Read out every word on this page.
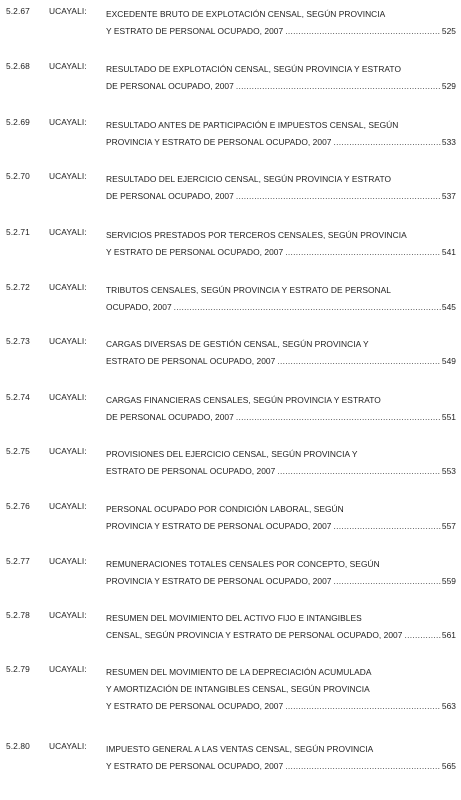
5.2.67 UCAYALI: EXCEDENTE BRUTO DE EXPLOTACIÓN CENSAL, SEGÚN PROVINCIA
Y ESTRATO DE PERSONAL OCUPADO, 2007 .....	525
5.2.68 UCAYALI: RESULTADO DE EXPLOTACIÓN CENSAL, SEGÚN PROVINCIA Y ESTRATO
DE PERSONAL OCUPADO, 2007 .....	529
5.2.69 UCAYALI: RESULTADO ANTES DE PARTICIPACIÓN E IMPUESTOS CENSAL, SEGÚN
PROVINCIA Y ESTRATO DE PERSONAL OCUPADO, 2007 .....	533
5.2.70 UCAYALI: RESULTADO DEL EJERCICIO CENSAL, SEGÚN PROVINCIA Y ESTRATO
DE PERSONAL OCUPADO, 2007 .....	537
5.2.71 UCAYALI: SERVICIOS PRESTADOS POR TERCEROS CENSALES, SEGÚN PROVINCIA
Y ESTRATO DE PERSONAL OCUPADO, 2007 .....	541
5.2.72 UCAYALI: TRIBUTOS CENSALES, SEGÚN PROVINCIA Y ESTRATO DE PERSONAL
OCUPADO, 2007 .....	545
5.2.73 UCAYALI: CARGAS DIVERSAS DE GESTIÓN CENSAL, SEGÚN PROVINCIA Y
ESTRATO DE PERSONAL OCUPADO, 2007 .....	549
5.2.74 UCAYALI: CARGAS FINANCIERAS CENSALES, SEGÚN PROVINCIA Y ESTRATO
DE PERSONAL OCUPADO, 2007 .....	551
5.2.75 UCAYALI: PROVISIONES DEL EJERCICIO CENSAL, SEGÚN PROVINCIA Y
ESTRATO DE PERSONAL OCUPADO, 2007 .....	553
5.2.76 UCAYALI: PERSONAL OCUPADO POR CONDICIÓN LABORAL, SEGÚN
PROVINCIA Y ESTRATO DE PERSONAL OCUPADO, 2007 .....	557
5.2.77 UCAYALI: REMUNERACIONES TOTALES CENSALES POR CONCEPTO, SEGÚN
PROVINCIA Y ESTRATO DE PERSONAL OCUPADO, 2007 .....	559
5.2.78 UCAYALI: RESUMEN DEL MOVIMIENTO DEL ACTIVO FIJO E INTANGIBLES
CENSAL, SEGÚN PROVINCIA Y ESTRATO DE PERSONAL OCUPADO, 2007 .....	561
5.2.79 UCAYALI: RESUMEN DEL MOVIMIENTO DE LA DEPRECIACIÓN ACUMULADA
Y AMORTIZACIÓN DE INTANGIBLES CENSAL, SEGÚN PROVINCIA
Y ESTRATO DE PERSONAL OCUPADO, 2007 .....	563
5.2.80 UCAYALI: IMPUESTO GENERAL A LAS VENTAS CENSAL, SEGÚN PROVINCIA
Y ESTRATO DE PERSONAL OCUPADO, 2007 .....	565
